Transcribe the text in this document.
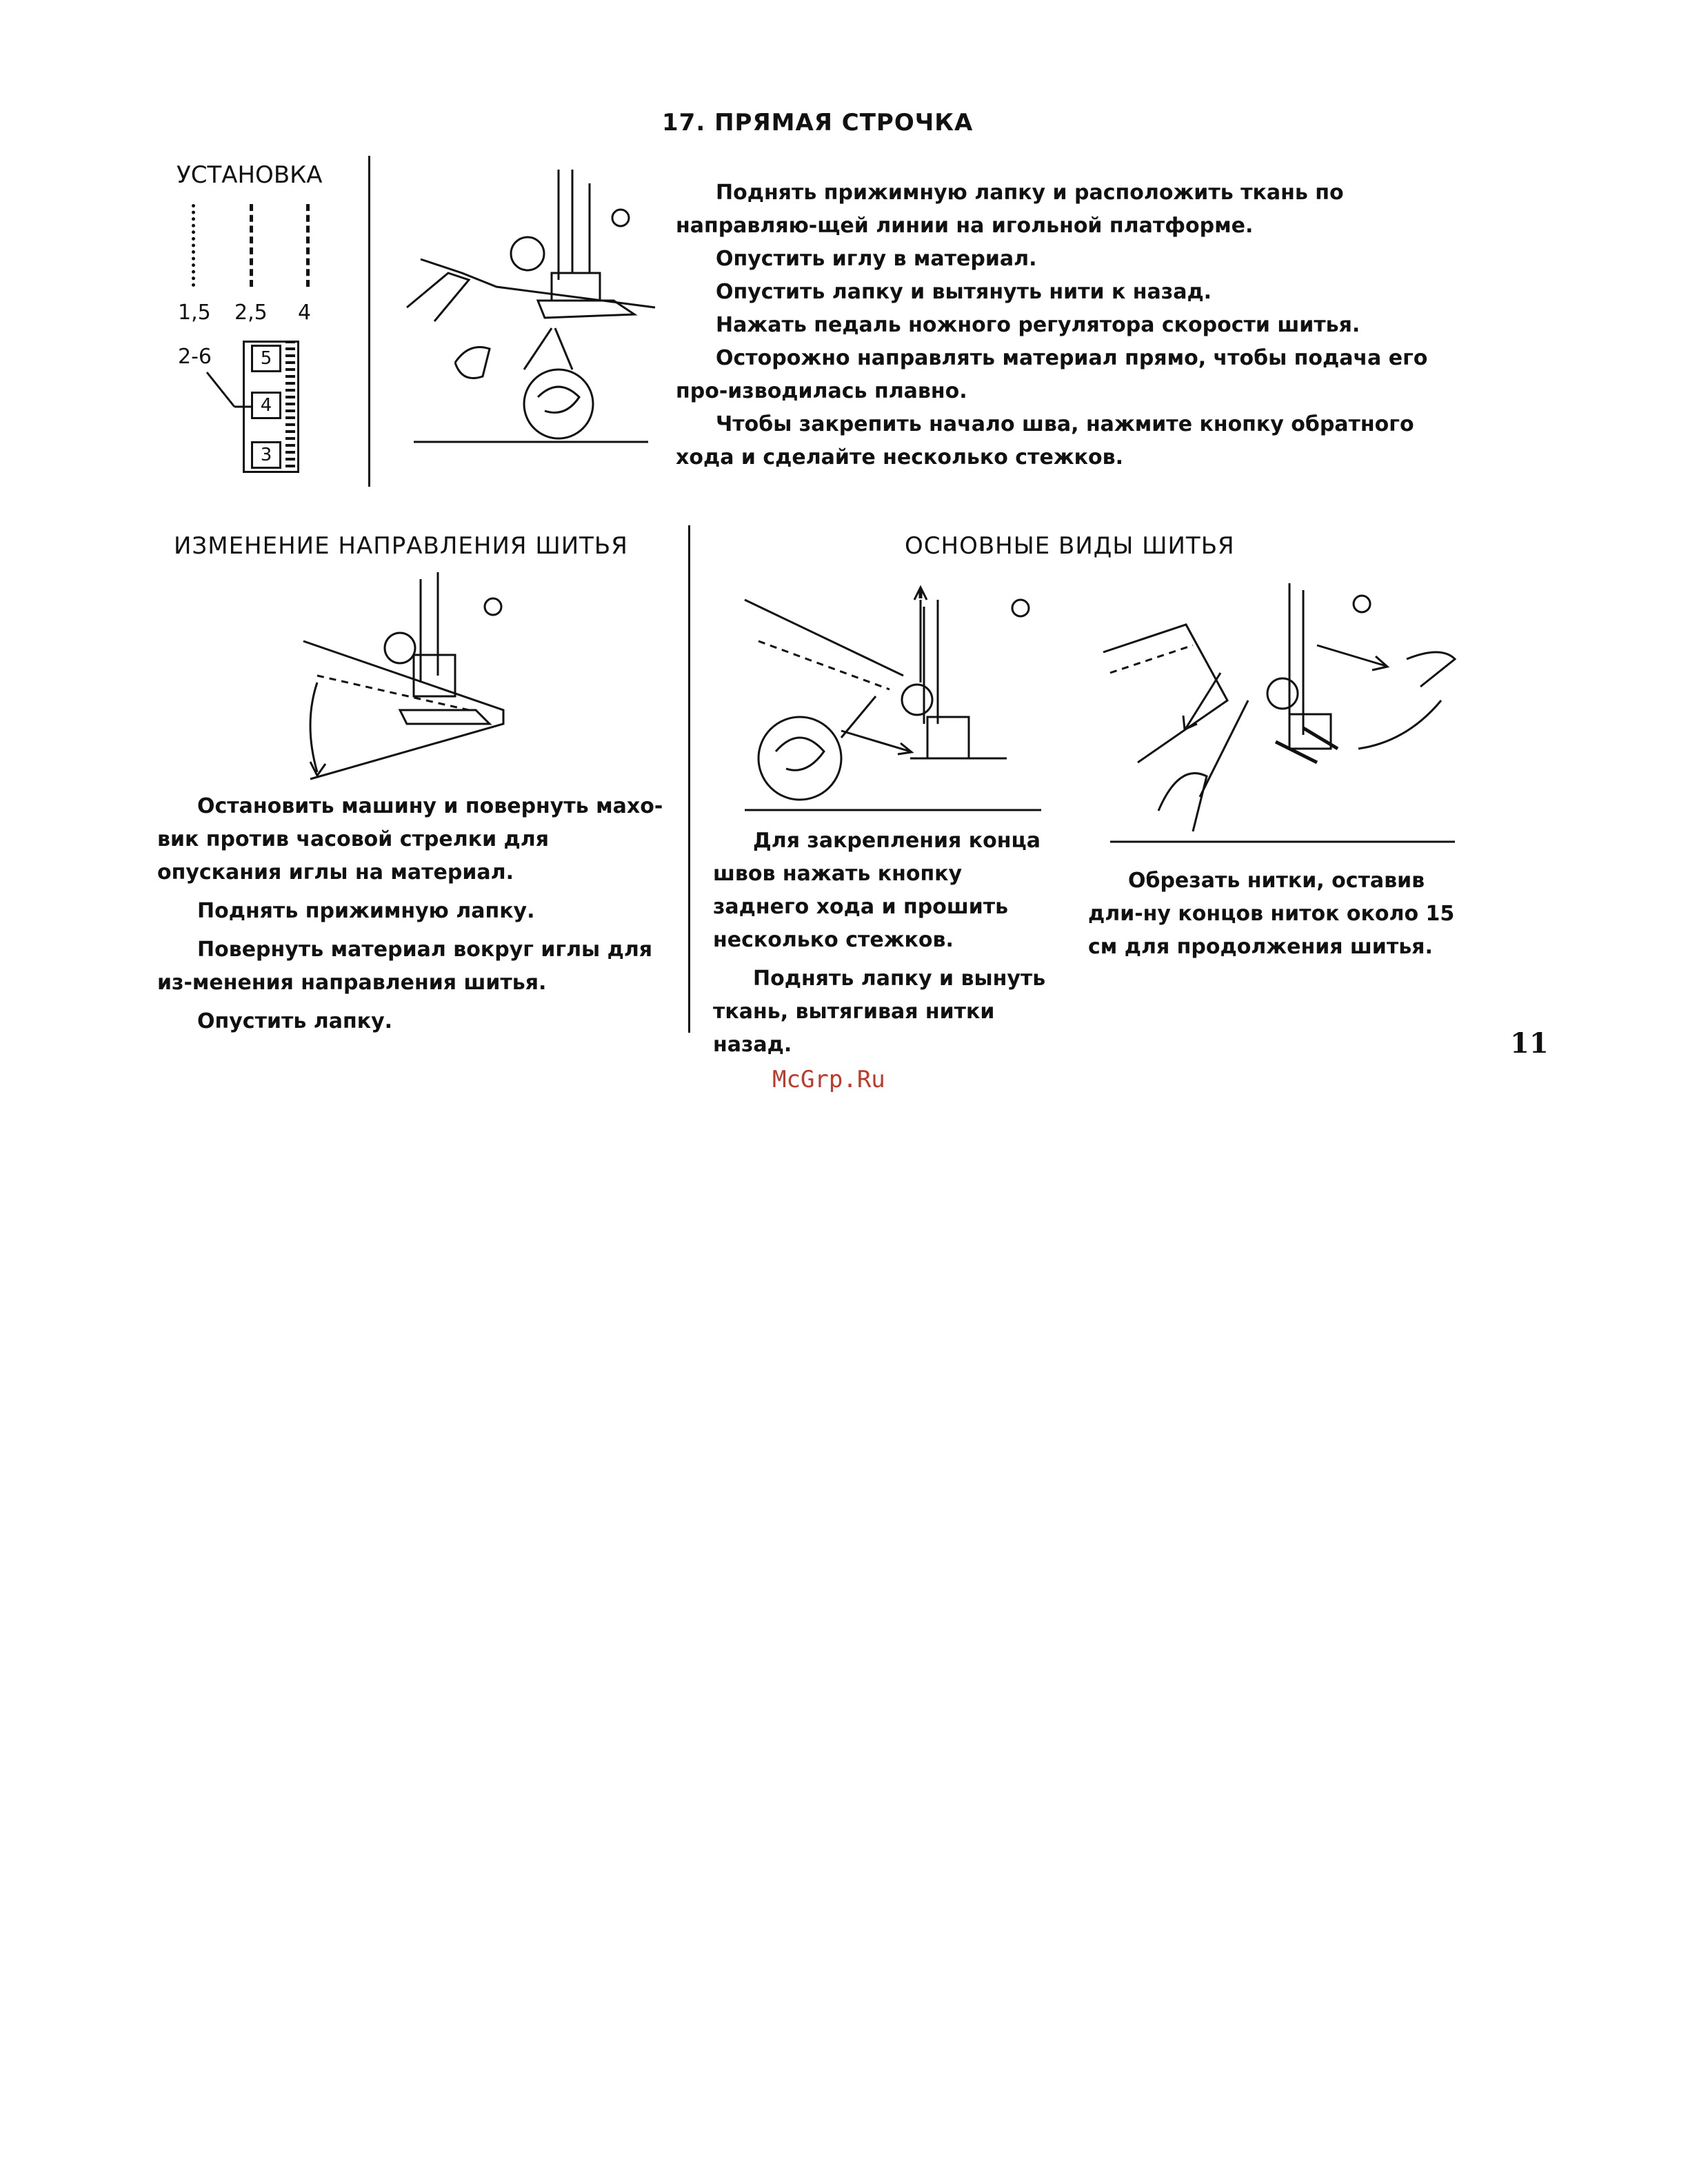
17. ПРЯМАЯ СТРОЧКА
УСТАНОВКА
1,5 2,5 4
2-6	5
4
3

Поднять прижимную лапку и расположить ткань по направляю-щей линии на игольной платформе.

Опустить иглу в материал.

Опустить лапку и вытянуть нити к назад.

Нажать педаль ножного регулятора скорости шитья.

Осторожно направлять материал прямо, чтобы подача его про-изводилась плавно.

Чтобы закрепить начало шва, нажмите кнопку обратного хода и сделайте несколько стежков.

ИЗМЕНЕНИЕ НАПРАВЛЕНИЯ ШИТЬЯ

Остановить машину и повернуть махо-вик против часовой стрелки для опускания иглы на материал.

Поднять прижимную лапку.

Повернуть материал вокруг иглы для из-менения направления шитья.

Опустить лапку.

ОСНОВНЫЕ ВИДЫ ШИТЬЯ

Для закрепления конца швов нажать кнопку заднего хода и прошить несколько стежков.

Поднять лапку и вынуть ткань, вытягивая нитки назад.

Обрезать нитки, оставив дли-ну концов ниток около 15 см для продолжения шитья.

11
McGrp.Ru
